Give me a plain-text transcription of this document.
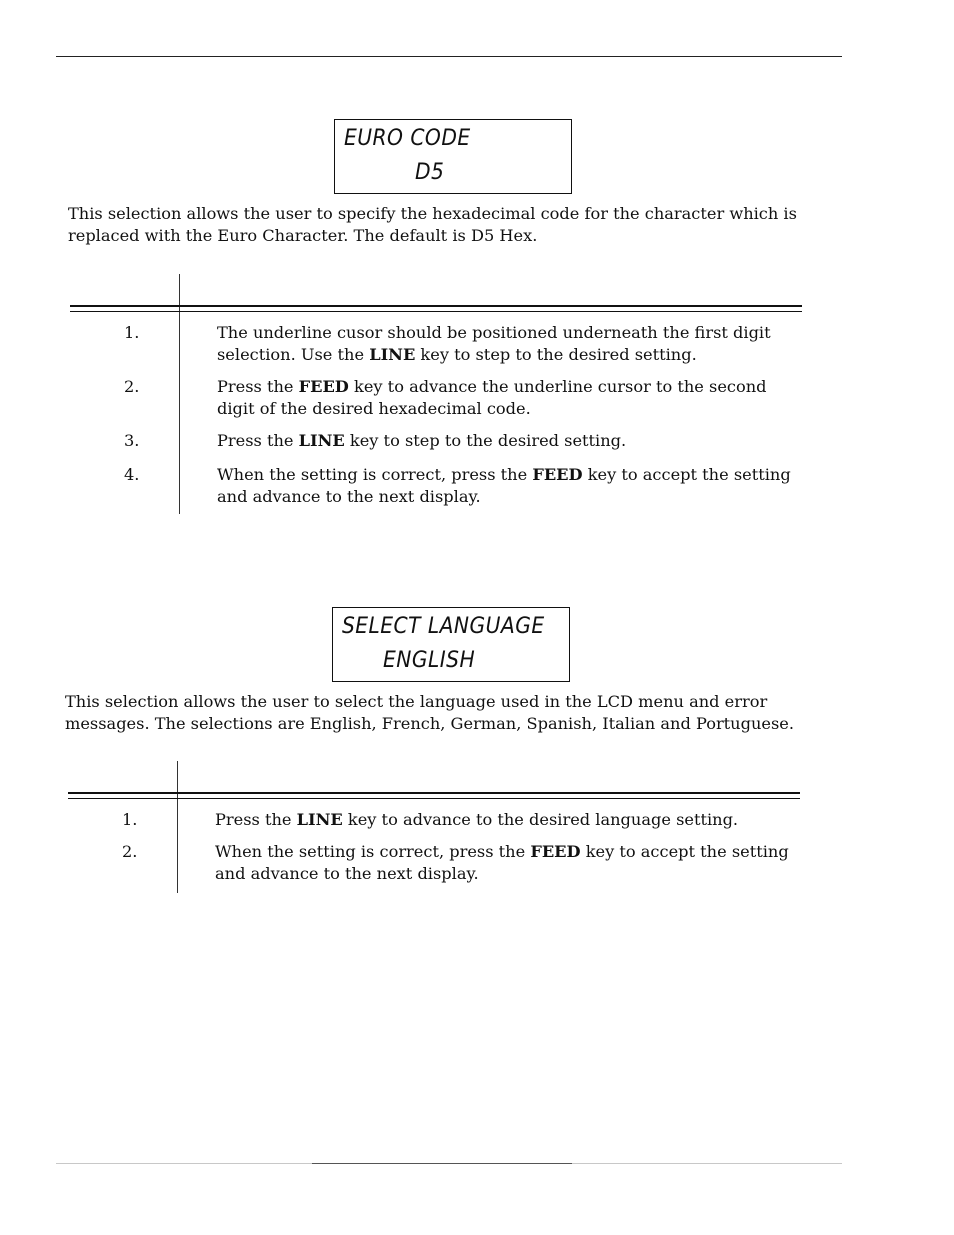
EURO CODE
D5

This selection allows the user to specify the hexadecimal code for the character which is

replaced with the Euro Character. The default is D5 Hex.

1.	The underline cusor should be positioned underneath the first digit
selection. Use the LINE key to step to the desired setting.
2.	Press the FEED key to advance the underline cursor to the second
digit of the desired hexadecimal code.
3.	Press the LINE key to step to the desired setting.
4.	When the setting is correct, press the FEED key to accept the setting
and advance to the next display.
SELECT LANGUAGE
ENGLISH

This selection allows the user to select the language used in the LCD menu and error

messages. The selections are English, French, German, Spanish, Italian and Portuguese.

1.	Press the LINE key to advance to the desired language setting.
2.	When the setting is correct, press the FEED key to accept the setting
and advance to the next display.
